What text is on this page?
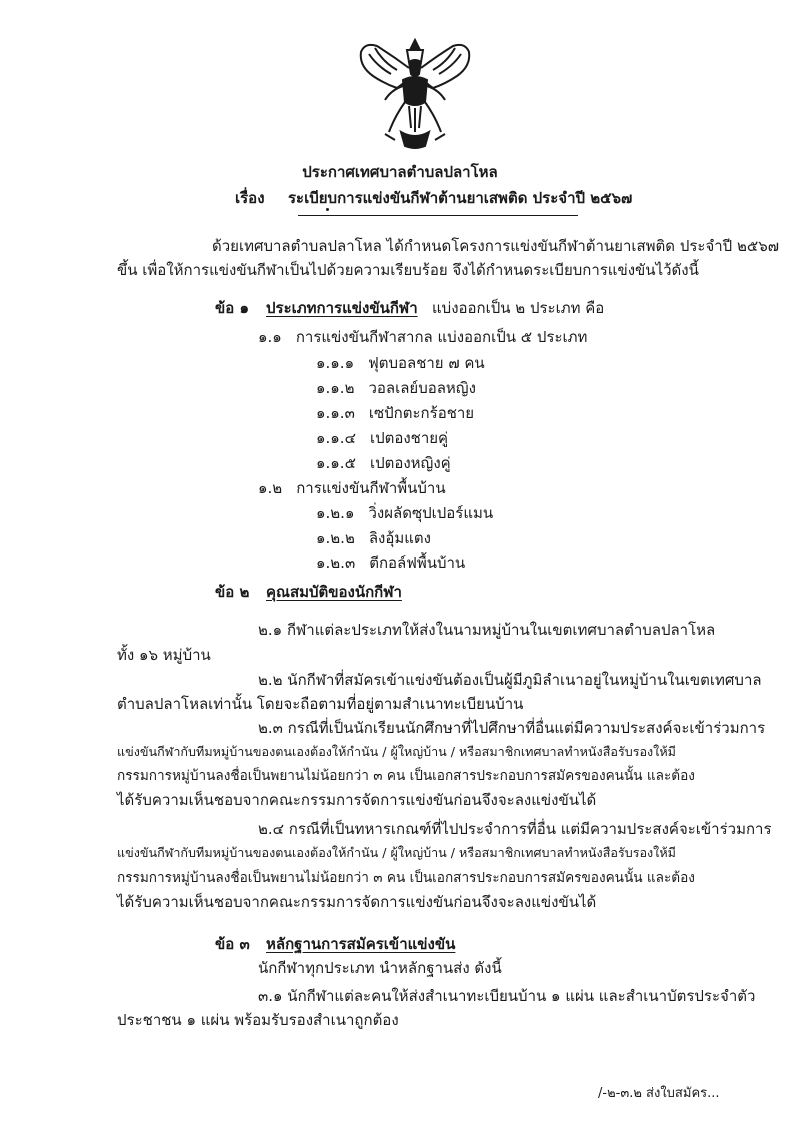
ประกาศเทศบาลตำบลปลาโหล
เรื่อง ระเบียบการแข่งขันกีฬาต้านยาเสพติด ประจำปี ๒๕๖๗
ด้วยเทศบาลตำบลปลาโหล ได้กำหนดโครงการแข่งขันกีฬาต้านยาเสพติด ประจำปี ๒๕๖๗
ขึ้น เพื่อให้การแข่งขันกีฬาเป็นไปด้วยความเรียบร้อย จึงได้กำหนดระเบียบการแข่งขันไว้ดังนี้
ข้อ ๑ ประเภทการแข่งขันกีฬา แบ่งออกเป็น ๒ ประเภท คือ
๑.๑ การแข่งขันกีฬาสากล แบ่งออกเป็น ๕ ประเภท
๑.๑.๑ ฟุตบอลชาย ๗ คน
๑.๑.๒ วอลเลย์บอลหญิง
๑.๑.๓ เซปักตะกร้อชาย
๑.๑.๔ เปตองชายคู่
๑.๑.๕ เปตองหญิงคู่
๑.๒ การแข่งขันกีฬาพื้นบ้าน
๑.๒.๑ วิ่งผลัดซุปเปอร์แมน
๑.๒.๒ ลิงอุ้มแตง
๑.๒.๓ ตีกอล์ฟพื้นบ้าน
ข้อ ๒ คุณสมบัติของนักกีฬา
๒.๑ กีฬาแต่ละประเภทให้ส่งในนามหมู่บ้านในเขตเทศบาลตำบลปลาโหล
ทั้ง ๑๖ หมู่บ้าน
๒.๒ นักกีฬาที่สมัครเข้าแข่งขันต้องเป็นผู้มีภูมิลำเนาอยู่ในหมู่บ้านในเขตเทศบาล
ตำบลปลาโหลเท่านั้น โดยจะถือตามที่อยู่ตามสำเนาทะเบียนบ้าน
๒.๓ กรณีที่เป็นนักเรียนนักศึกษาที่ไปศึกษาที่อื่นแต่มีความประสงค์จะเข้าร่วมการ
แข่งขันกีฬากับทีมหมู่บ้านของตนเองต้องให้กำนัน / ผู้ใหญ่บ้าน / หรือสมาชิกเทศบาลทำหนังสือรับรองให้มี
กรรมการหมู่บ้านลงชื่อเป็นพยานไม่น้อยกว่า ๓ คน เป็นเอกสารประกอบการสมัครของคนนั้น และต้อง
ได้รับความเห็นชอบจากคณะกรรมการจัดการแข่งขันก่อนจึงจะลงแข่งขันได้
๒.๔ กรณีที่เป็นทหารเกณฑ์ที่ไปประจำการที่อื่น แต่มีความประสงค์จะเข้าร่วมการ
แข่งขันกีฬากับทีมหมู่บ้านของตนเองต้องให้กำนัน / ผู้ใหญ่บ้าน / หรือสมาชิกเทศบาลทำหนังสือรับรองให้มี
กรรมการหมู่บ้านลงชื่อเป็นพยานไม่น้อยกว่า ๓ คน เป็นเอกสารประกอบการสมัครของคนนั้น และต้อง
ได้รับความเห็นชอบจากคณะกรรมการจัดการแข่งขันก่อนจึงจะลงแข่งขันได้
ข้อ ๓ หลักฐานการสมัครเข้าแข่งขัน
นักกีฬาทุกประเภท นำหลักฐานส่ง ดังนี้
๓.๑ นักกีฬาแต่ละคนให้ส่งสำเนาทะเบียนบ้าน ๑ แผ่น และสำเนาบัตรประจำตัว
ประชาชน ๑ แผ่น พร้อมรับรองสำเนาถูกต้อง
/-๒-๓.๒ ส่งใบสมัคร...
